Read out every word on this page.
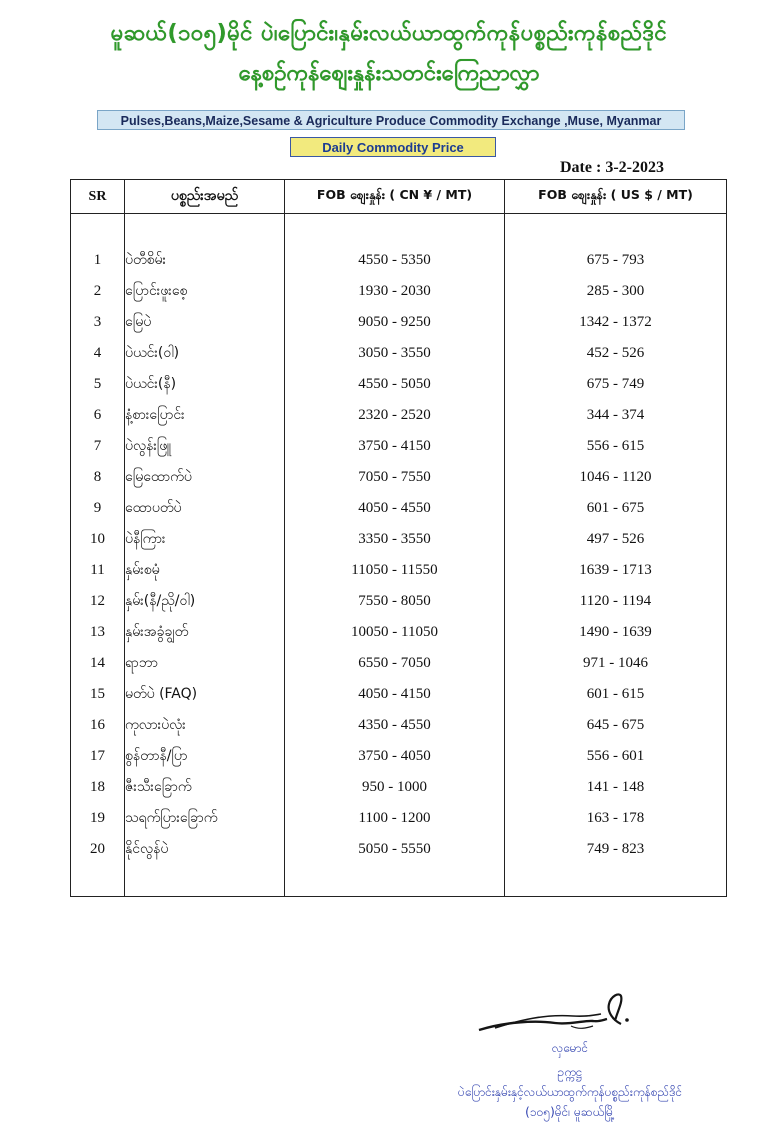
မူဆယ်(၁၀၅)မိုင် ပဲ၊ပြောင်း၊နှမ်းလယ်ယာထွက်ကုန်ပစ္စည်းကုန်စည်ဒိုင်
နေ့စဉ်ကုန်စျေးနှုန်းသတင်းကြေညာလွှာ
Pulses,Beans,Maize,Sesame & Agriculture Produce Commodity Exchange ,Muse, Myanmar
Daily Commodity Price
Date : 3-2-2023
SR	ပစ္စည်းအမည်	FOB စျေးနှုန်း ( CN ¥ / MT)	FOB စျေးနှုန်း ( US $ / MT)

1	ပဲတီစိမ်း	4550 - 5350	675 - 793
2	ပြောင်းဖူးစေ့	1930 - 2030	285 - 300
3	မြေပဲ	9050 - 9250	1342 - 1372
4	ပဲယင်း(ဝါ)	3050 - 3550	452 - 526
5	ပဲယင်း(နီ)	4550 - 5050	675 - 749
6	နံ့စားပြောင်း	2320 - 2520	344 - 374
7	ပဲလွန်းဖြူ	3750 - 4150	556 - 615
8	မြေထောက်ပဲ	7050 - 7550	1046 - 1120
9	ထောပတ်ပဲ	4050 - 4550	601 - 675
10	ပဲနီကြား	3350 - 3550	497 - 526
11	နှမ်းစမုံ	11050 - 11550	1639 - 1713
12	နှမ်း(နီ/ညို/ဝါ)	7550 - 8050	1120 - 1194
13	နှမ်းအခွံချွတ်	10050 - 11050	1490 - 1639
14	ရာဘာ	6550 - 7050	971 - 1046
15	မတ်ပဲ (FAQ)	4050 - 4150	601 - 615
16	ကုလားပဲလုံး	4350 - 4550	645 - 675
17	စွန်တာနီ/ပြာ	3750 - 4050	556 - 601
18	ဇီးသီးခြောက်	950 - 1000	141 - 148
19	သရက်ပြားခြောက်	1100 - 1200	163 - 178
20	နိုင်လွန်ပဲ	5050 - 5550	749 - 823

လှမောင်
ဥက္ကဋ္ဌ
ပဲပြောင်းနှမ်းနှင့်လယ်ယာထွက်ကုန်ပစ္စည်းကုန်စည်ဒိုင်
(၁၀၅)မိုင်၊ မူဆယ်မြို့
